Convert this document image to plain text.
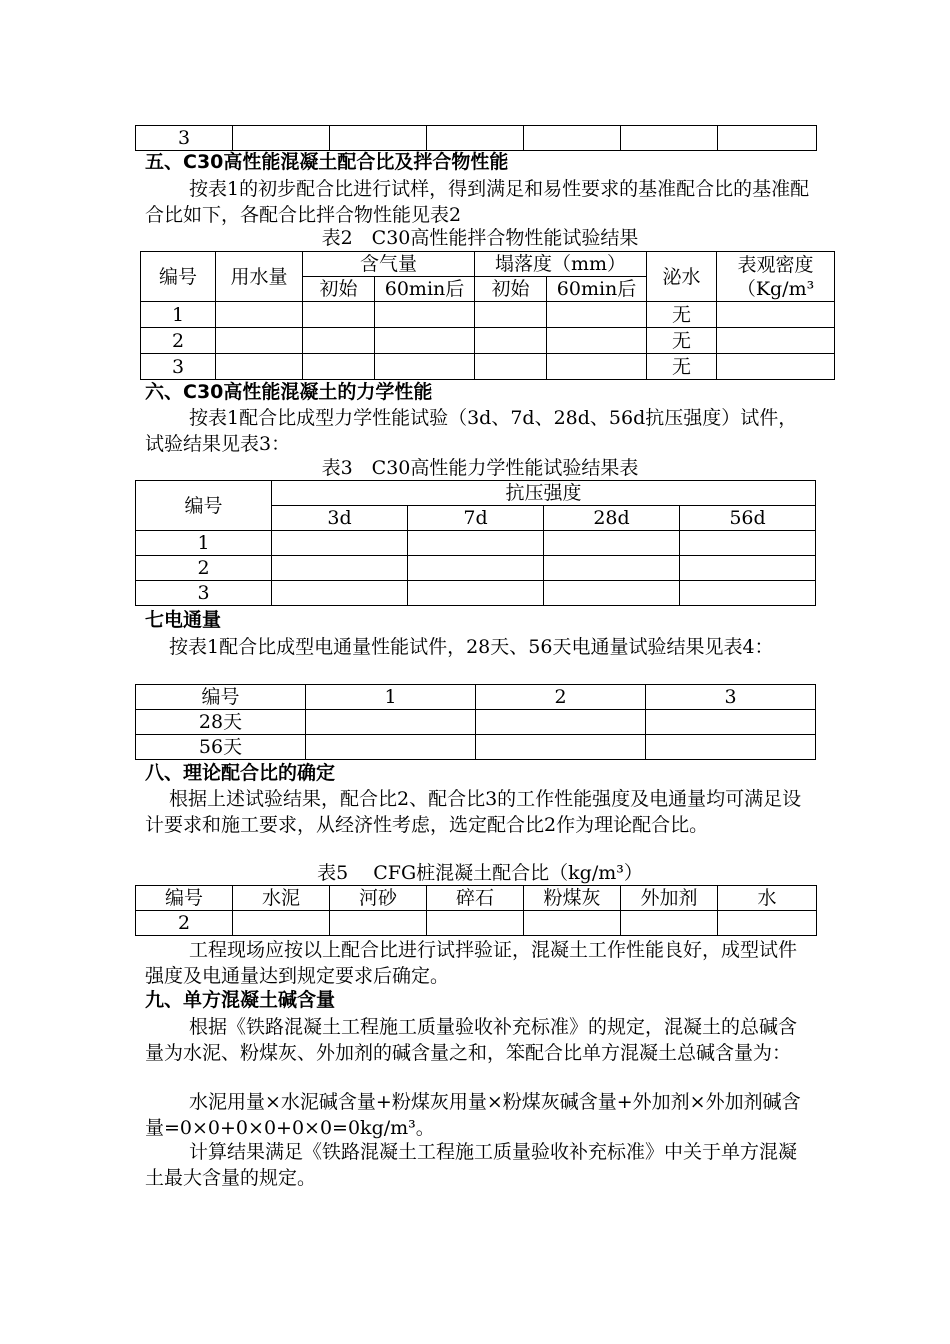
3						

五、C30高性能混凝土配合比及拌合物性能

按表1的初步配合比进行试样，得到满足和易性要求的基准配合比的基准配合比如下，各配合比拌合物性能见表2

表2　C30高性能拌合物性能试验结果
编号	用水量	含气量		塌落度（mm）		泌水	表观密度（Kg/m³
		初始	60min后	初始	60min后		
1						无	
2						无	
3						无	

六、C30高性能混凝土的力学性能

按表1配合比成型力学性能试验（3d、7d、28d、56d抗压强度）试件，试验结果见表3：

表3　C30高性能力学性能试验结果表
编号	抗压强度			
	3d	7d	28d	56d
1				
2				
3				

七电通量

按表1配合比成型电通量性能试件，28天、56天电通量试验结果见表4：

编号	1	2	3
28天			
56天			

八、理论配合比的确定

根据上述试验结果，配合比2、配合比3的工作性能强度及电通量均可满足设计要求和施工要求，从经济性考虑，选定配合比2作为理论配合比。

表5　 CFG桩混凝土配合比（kg/m³）
编号	水泥	河砂	碎石	粉煤灰	外加剂	水
2						

工程现场应按以上配合比进行试拌验证，混凝土工作性能良好，成型试件强度及电通量达到规定要求后确定。

九、单方混凝土碱含量

根据《铁路混凝土工程施工质量验收补充标准》的规定，混凝土的总碱含量为水泥、粉煤灰、外加剂的碱含量之和，笨配合比单方混凝土总碱含量为：

水泥用量×水泥碱含量+粉煤灰用量×粉煤灰碱含量+外加剂×外加剂碱含量=0×0+0×0+0×0=0kg/m³。

计算结果满足《铁路混凝土工程施工质量验收补充标准》中关于单方混凝土最大含量的规定。
